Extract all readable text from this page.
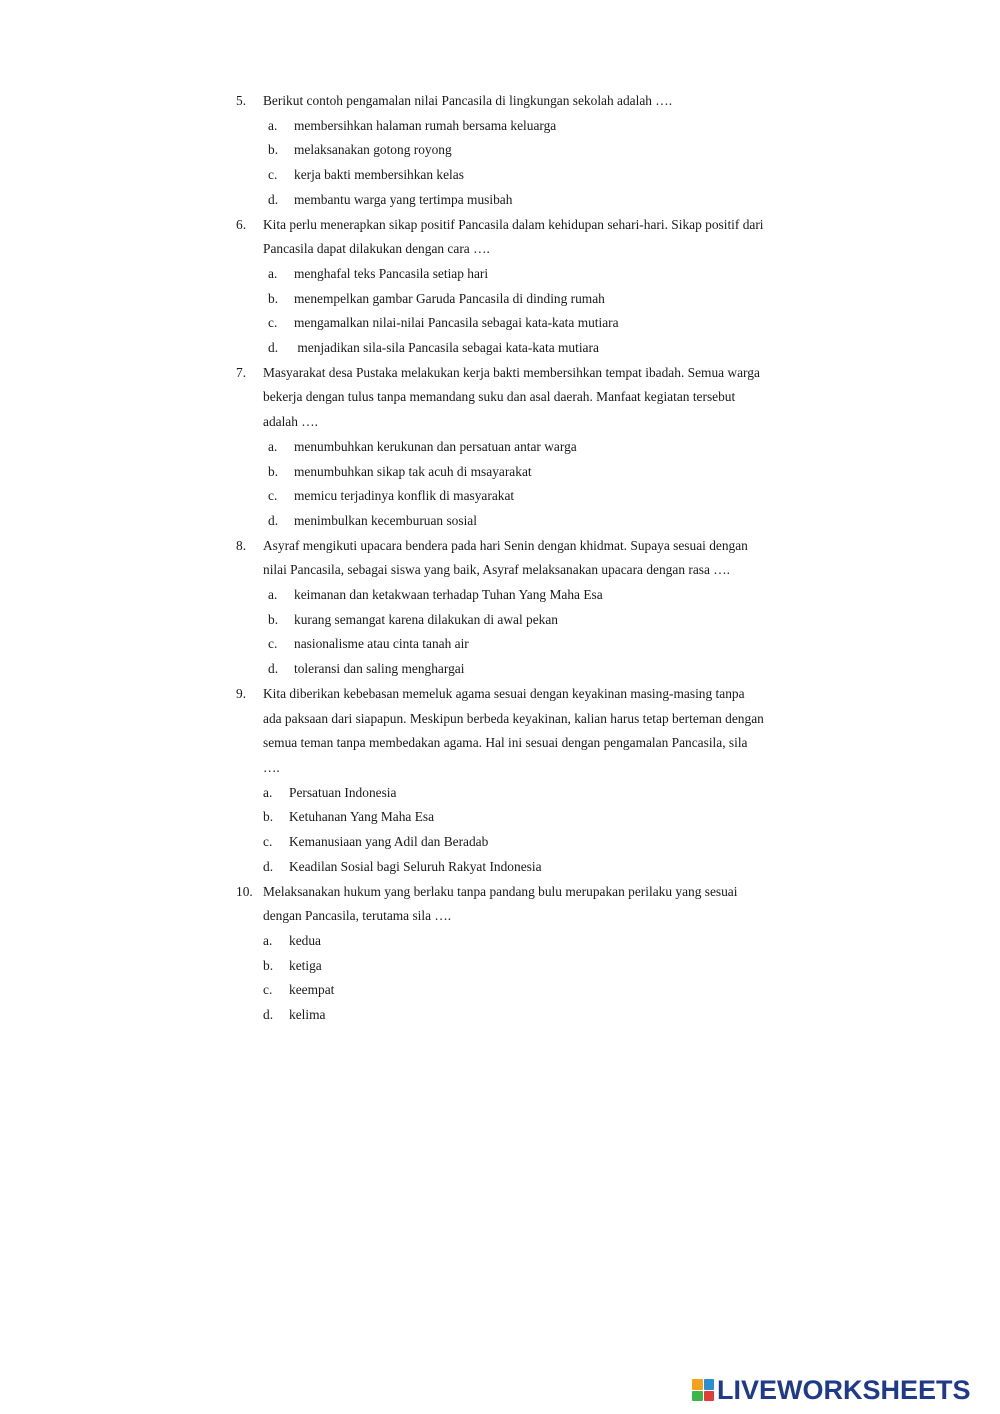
5.	Berikut contoh pengamalan nilai Pancasila di lingkungan sekolah adalah ….
a.	membersihkan halaman rumah bersama keluarga
b.	melaksanakan gotong royong
c.	kerja bakti membersihkan kelas
d.	membantu warga yang tertimpa musibah
6.	Kita perlu menerapkan sikap positif Pancasila dalam kehidupan sehari-hari. Sikap positif dari
Pancasila dapat dilakukan dengan cara ….
a.	menghafal teks Pancasila setiap hari
b.	menempelkan gambar Garuda Pancasila di dinding rumah
c.	mengamalkan nilai-nilai Pancasila sebagai kata-kata mutiara
d.	menjadikan sila-sila Pancasila sebagai kata-kata mutiara
7.	Masyarakat desa Pustaka melakukan kerja bakti membersihkan tempat ibadah. Semua warga
bekerja dengan tulus tanpa memandang suku dan asal daerah. Manfaat kegiatan tersebut
adalah ….
a.	menumbuhkan kerukunan dan persatuan antar warga
b.	menumbuhkan sikap tak acuh di msayarakat
c.	memicu terjadinya konflik di masyarakat
d.	menimbulkan kecemburuan sosial
8.	Asyraf mengikuti upacara bendera pada hari Senin dengan khidmat. Supaya sesuai dengan
nilai Pancasila, sebagai siswa yang baik, Asyraf melaksanakan upacara dengan rasa ….
a.	keimanan dan ketakwaan terhadap Tuhan Yang Maha Esa
b.	kurang semangat karena dilakukan di awal pekan
c.	nasionalisme atau cinta tanah air
d.	toleransi dan saling menghargai
9.	Kita diberikan kebebasan memeluk agama sesuai dengan keyakinan masing-masing tanpa
ada paksaan dari siapapun. Meskipun berbeda keyakinan, kalian harus tetap berteman dengan
semua teman tanpa membedakan agama. Hal ini sesuai dengan pengamalan Pancasila, sila
….
a.	Persatuan Indonesia
b.	Ketuhanan Yang Maha Esa
c.	Kemanusiaan yang Adil dan Beradab
d.	Keadilan Sosial bagi Seluruh Rakyat Indonesia
10. Melaksanakan hukum yang berlaku tanpa pandang bulu merupakan perilaku yang sesuai
dengan Pancasila, terutama sila ….
a.	kedua
b.	ketiga
c.	keempat
d.	kelima
LIVEWORKSHEETS
